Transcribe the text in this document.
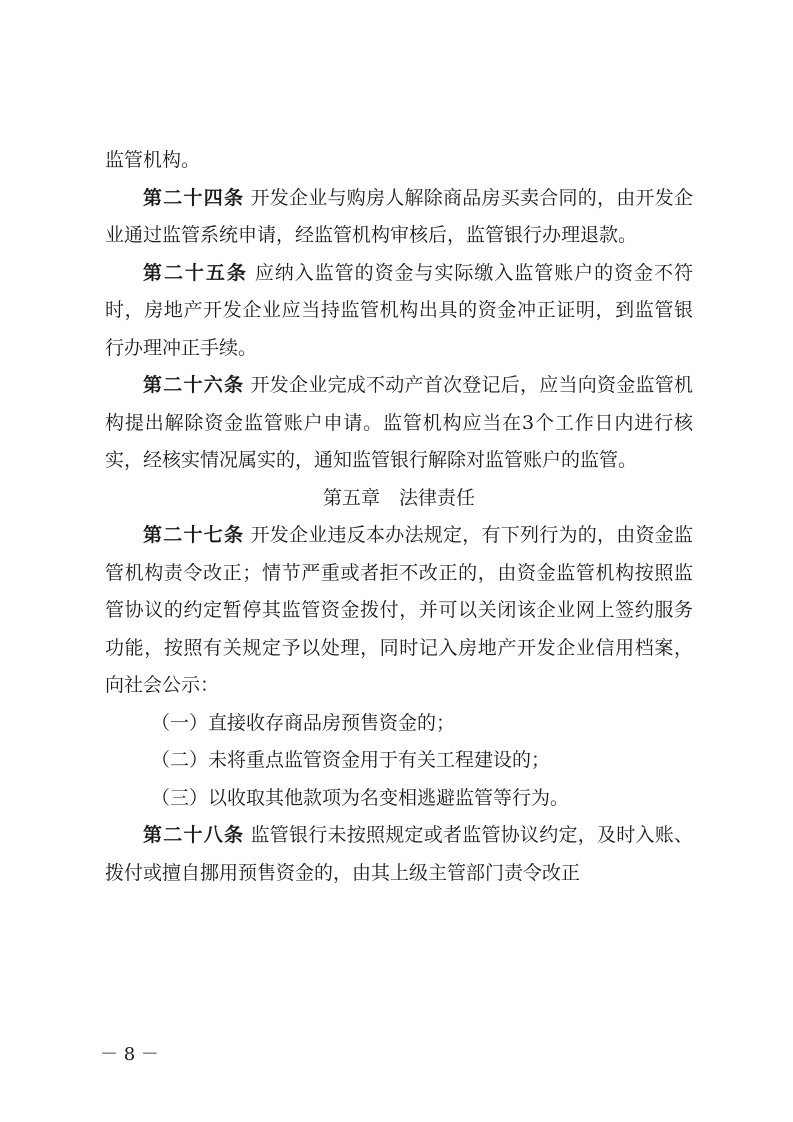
监管机构。

第二十四条 开发企业与购房人解除商品房买卖合同的，由开发企业通过监管系统申请，经监管机构审核后，监管银行办理退款。

第二十五条 应纳入监管的资金与实际缴入监管账户的资金不符时，房地产开发企业应当持监管机构出具的资金冲正证明，到监管银行办理冲正手续。

第二十六条 开发企业完成不动产首次登记后，应当向资金监管机构提出解除资金监管账户申请。监管机构应当在3个工作日内进行核实，经核实情况属实的，通知监管银行解除对监管账户的监管。

第五章　法律责任

第二十七条 开发企业违反本办法规定，有下列行为的，由资金监管机构责令改正；情节严重或者拒不改正的，由资金监管机构按照监管协议的约定暂停其监管资金拨付，并可以关闭该企业网上签约服务功能，按照有关规定予以处理，同时记入房地产开发企业信用档案，向社会公示：

（一）直接收存商品房预售资金的；

（二）未将重点监管资金用于有关工程建设的；

（三）以收取其他款项为名变相逃避监管等行为。

第二十八条 监管银行未按照规定或者监管协议约定，及时入账、拨付或擅自挪用预售资金的，由其上级主管部门责令改正

－ 8 －
